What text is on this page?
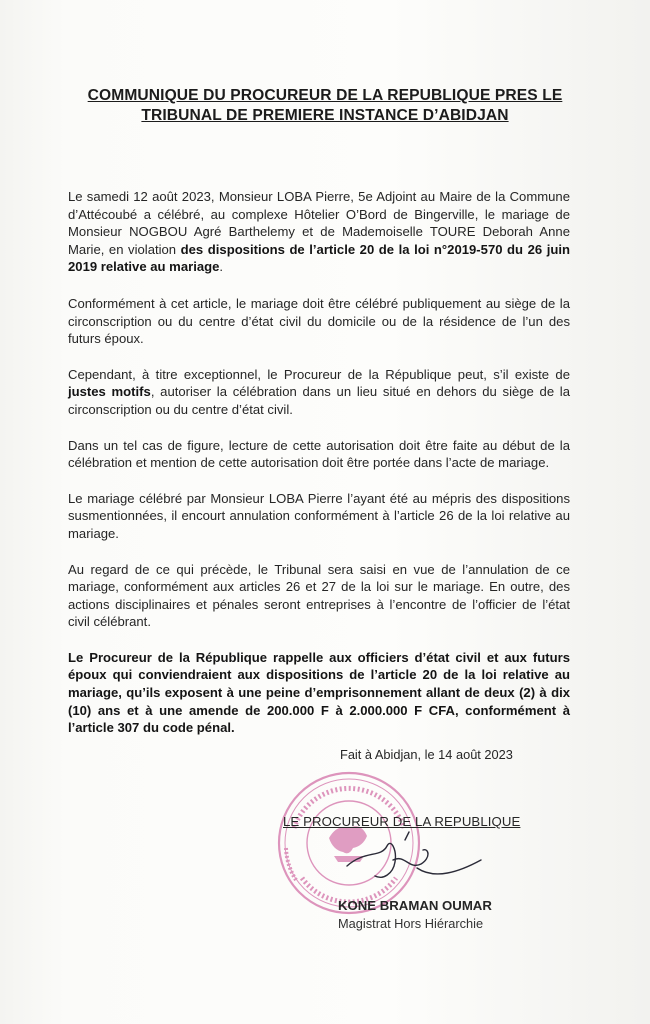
COMMUNIQUE DU PROCUREUR DE LA REPUBLIQUE PRES LE
TRIBUNAL DE PREMIERE INSTANCE D’ABIDJAN

Le samedi 12 août 2023, Monsieur LOBA Pierre, 5e Adjoint au Maire de la Commune d’Attécoubé a célébré, au complexe Hôtelier O’Bord de Bingerville, le mariage de Monsieur NOGBOU Agré Barthelemy et de Mademoiselle TOURE Deborah Anne Marie, en violation des dispositions de l’article 20 de la loi n°2019-570 du 26 juin 2019 relative au mariage.

Conformément à cet article, le mariage doit être célébré publiquement au siège de la circonscription ou du centre d’état civil du domicile ou de la résidence de l’un des futurs époux.

Cependant, à titre exceptionnel, le Procureur de la République peut, s’il existe de justes motifs, autoriser la célébration dans un lieu situé en dehors du siège de la circonscription ou du centre d’état civil.

Dans un tel cas de figure, lecture de cette autorisation doit être faite au début de la célébration et mention de cette autorisation doit être portée dans l’acte de mariage.

Le mariage célébré par Monsieur LOBA Pierre l’ayant été au mépris des dispositions susmentionnées, il encourt annulation conformément à l’article 26 de la loi relative au mariage.

Au regard de ce qui précède, le Tribunal sera saisi en vue de l’annulation de ce mariage, conformément aux articles 26 et 27 de la loi sur le mariage. En outre, des actions disciplinaires et pénales seront entreprises à l’encontre de l’officier de l’état civil célébrant.

Le Procureur de la République rappelle aux officiers d’état civil et aux futurs époux qui conviendraient aux dispositions de l’article 20 de la loi relative au mariage, qu’ils exposent à une peine d’emprisonnement allant de deux (2) à dix (10) ans et à une amende de 200.000 F à 2.000.000 F CFA, conformément à l’article 307 du code pénal.

Fait à Abidjan, le 14 août 2023
LE PROCUREUR DE LA REPUBLIQUE
KONE BRAMAN OUMAR
Magistrat Hors Hiérarchie
